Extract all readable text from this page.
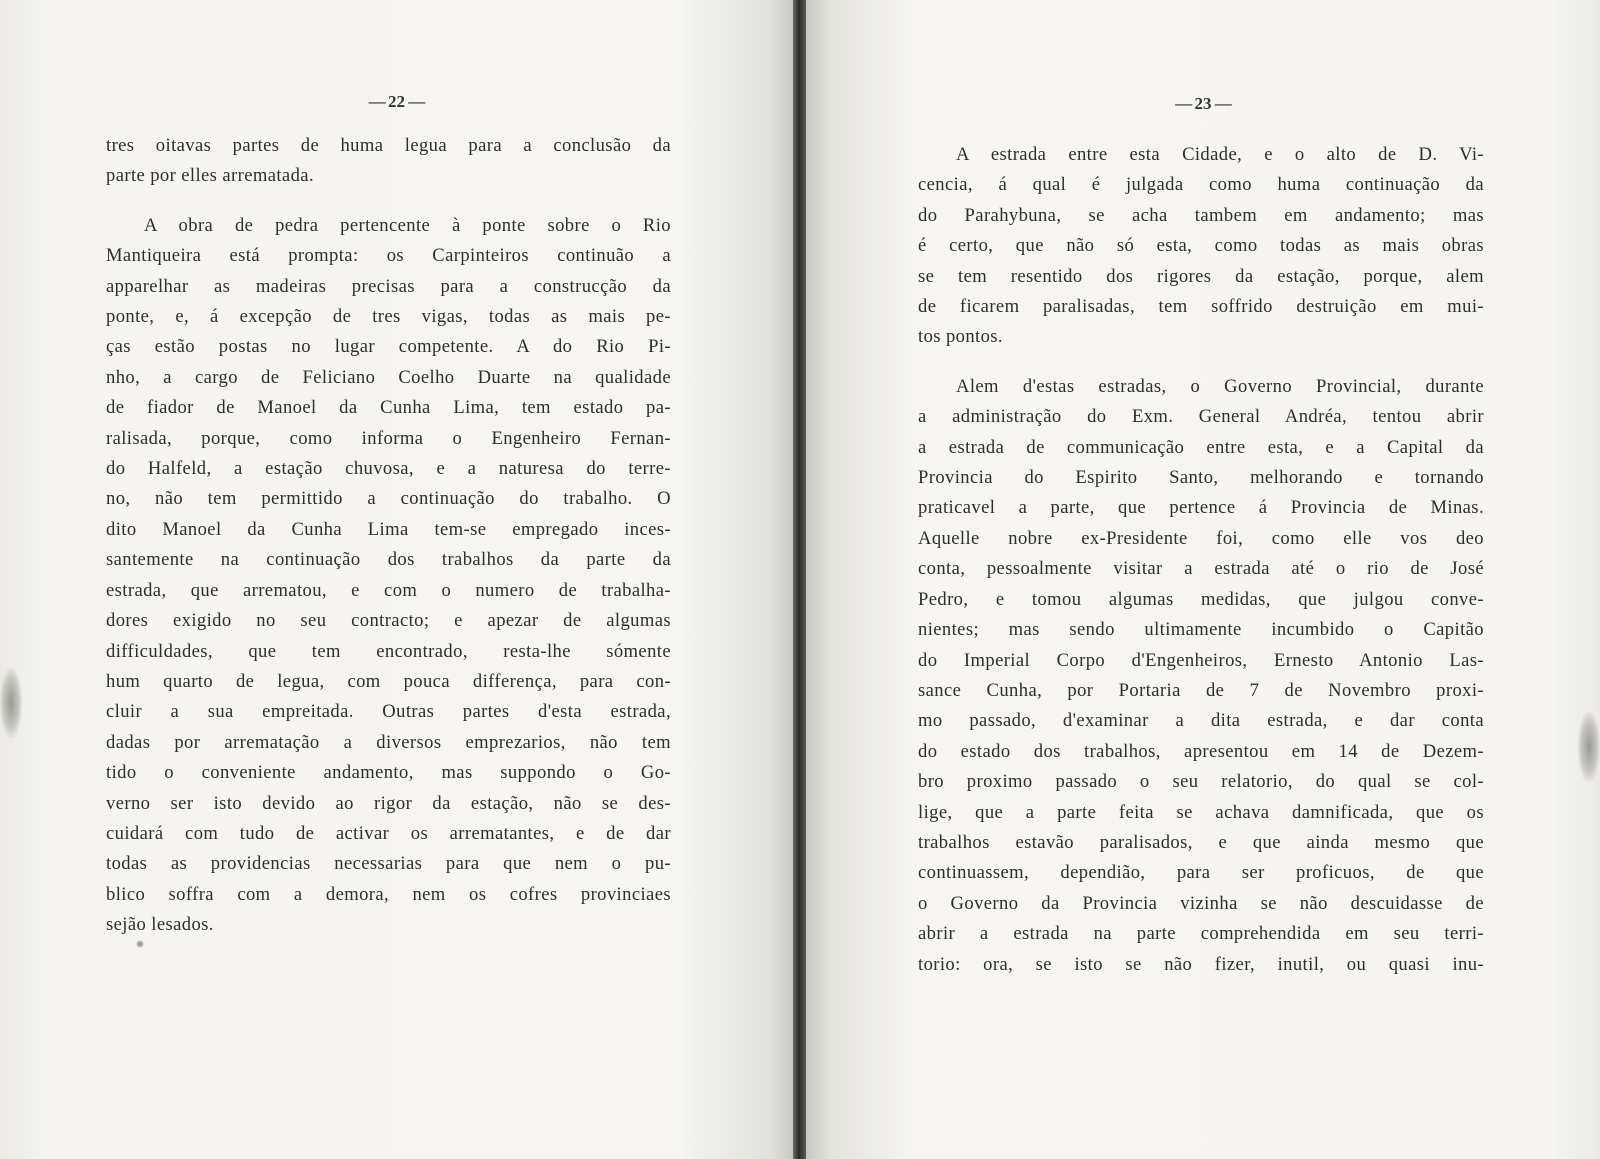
— 22 —
tres oitavas partes de huma legua para a conclusão da
parte por elles arrematada.
A obra de pedra pertencente à ponte sobre o Rio
Mantiqueira está prompta: os Carpinteiros continuão a
apparelhar as madeiras precisas para a construcção da
ponte, e, á excepção de tres vigas, todas as mais pe-
ças estão postas no lugar competente. A do Rio Pi-
nho, a cargo de Feliciano Coelho Duarte na qualidade
de fiador de Manoel da Cunha Lima, tem estado pa-
ralisada, porque, como informa o Engenheiro Fernan-
do Halfeld, a estação chuvosa, e a naturesa do terre-
no, não tem permittido a continuação do trabalho. O
dito Manoel da Cunha Lima tem-se empregado inces-
santemente na continuação dos trabalhos da parte da
estrada, que arrematou, e com o numero de trabalha-
dores exigido no seu contracto; e apezar de algumas
difficuldades, que tem encontrado, resta-lhe sómente
hum quarto de legua, com pouca differença, para con-
cluir a sua empreitada. Outras partes d'esta estrada,
dadas por arrematação a diversos emprezarios, não tem
tido o conveniente andamento, mas suppondo o Go-
verno ser isto devido ao rigor da estação, não se des-
cuidará com tudo de activar os arrematantes, e de dar
todas as providencias necessarias para que nem o pu-
blico soffra com a demora, nem os cofres provinciaes
sejão lesados.
— 23 —
A estrada entre esta Cidade, e o alto de D. Vi-
cencia, á qual é julgada como huma continuação da
do Parahybuna, se acha tambem em andamento; mas
é certo, que não só esta, como todas as mais obras
se tem resentido dos rigores da estação, porque, alem
de ficarem paralisadas, tem soffrido destruição em mui-
tos pontos.
Alem d'estas estradas, o Governo Provincial, durante
a administração do Exm. General Andréa, tentou abrir
a estrada de communicação entre esta, e a Capital da
Provincia do Espirito Santo, melhorando e tornando
praticavel a parte, que pertence á Provincia de Minas.
Aquelle nobre ex-Presidente foi, como elle vos deo
conta, pessoalmente visitar a estrada até o rio de José
Pedro, e tomou algumas medidas, que julgou conve-
nientes; mas sendo ultimamente incumbido o Capitão
do Imperial Corpo d'Engenheiros, Ernesto Antonio Las-
sance Cunha, por Portaria de 7 de Novembro proxi-
mo passado, d'examinar a dita estrada, e dar conta
do estado dos trabalhos, apresentou em 14 de Dezem-
bro proximo passado o seu relatorio, do qual se col-
lige, que a parte feita se achava damnificada, que os
trabalhos estavão paralisados, e que ainda mesmo que
continuassem, dependião, para ser proficuos, de que
o Governo da Provincia vizinha se não descuidasse de
abrir a estrada na parte comprehendida em seu terri-
torio: ora, se isto se não fizer, inutil, ou quasi inu-
